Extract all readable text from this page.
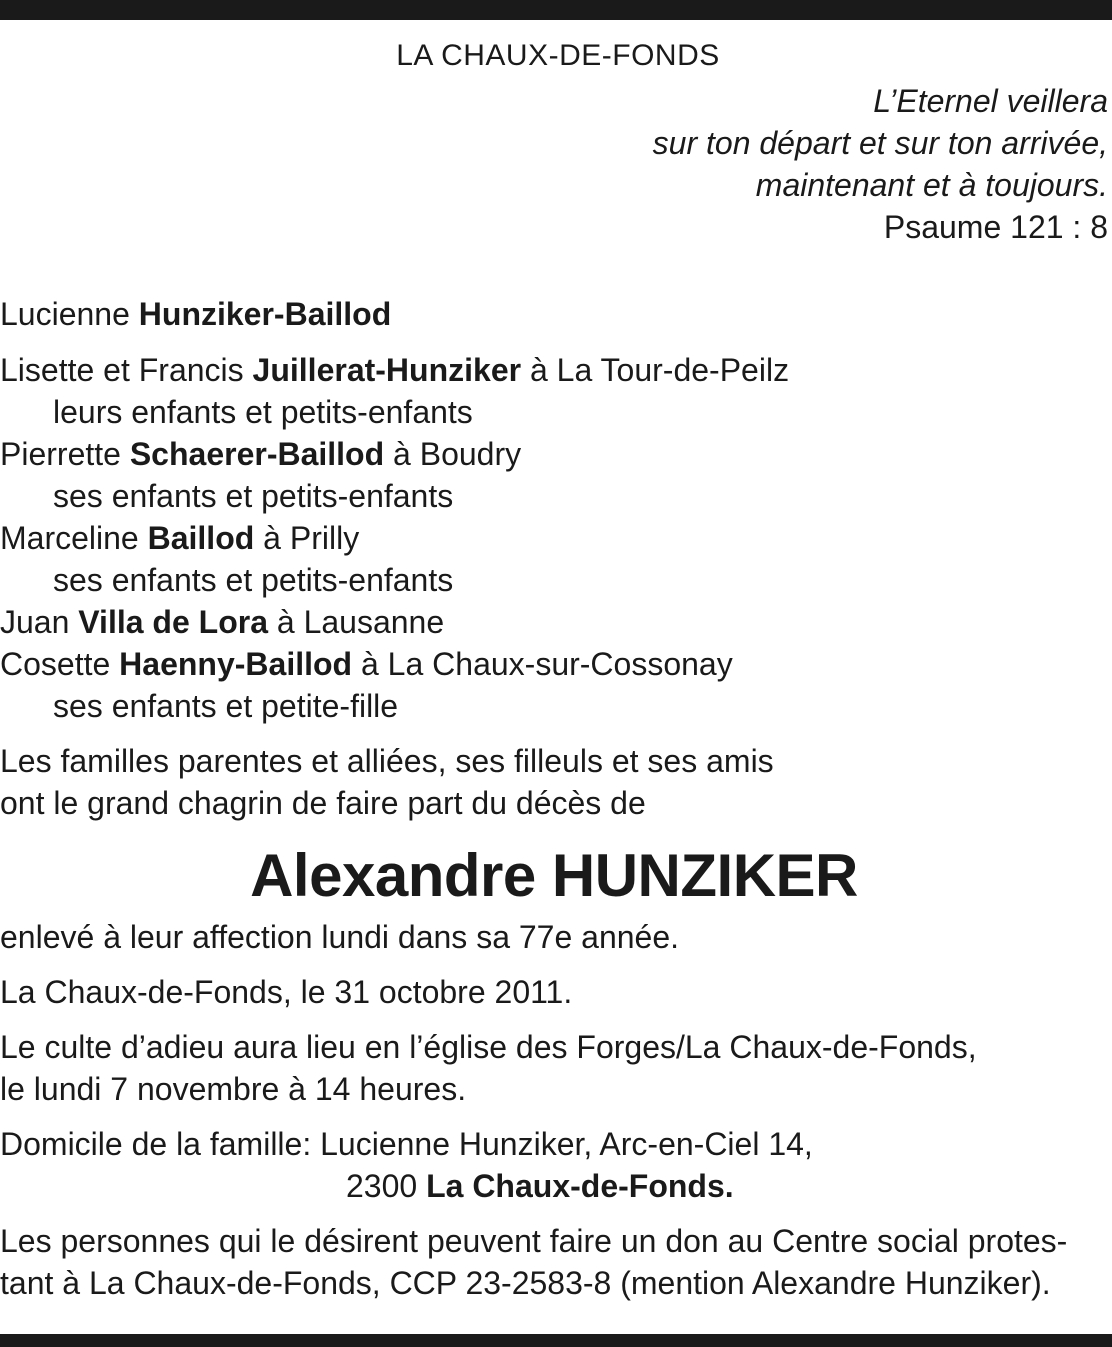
LA CHAUX-DE-FONDS
L’Eternel veillera
sur ton départ et sur ton arrivée,
maintenant et à toujours.
Psaume 121 : 8
Lucienne Hunziker-Baillod
Lisette et Francis Juillerat-Hunziker à La Tour-de-Peilz
leurs enfants et petits-enfants
Pierrette Schaerer-Baillod à Boudry
ses enfants et petits-enfants
Marceline Baillod à Prilly
ses enfants et petits-enfants
Juan Villa de Lora à Lausanne
Cosette Haenny-Baillod à La Chaux-sur-Cossonay
ses enfants et petite-fille
Les familles parentes et alliées, ses filleuls et ses amis
ont le grand chagrin de faire part du décès de
Alexandre HUNZIKER
enlevé à leur affection lundi dans sa 77e année.
La Chaux-de-Fonds, le 31 octobre 2011.
Le culte d’adieu aura lieu en l’église des Forges/La Chaux-de-Fonds,
le lundi 7 novembre à 14 heures.
Domicile de la famille: Lucienne Hunziker, Arc-en-Ciel 14,
2300 La Chaux-de-Fonds.
Les personnes qui le désirent peuvent faire un don au Centre social protes-
tant à La Chaux-de-Fonds, CCP 23-2583-8 (mention Alexandre Hunziker).
